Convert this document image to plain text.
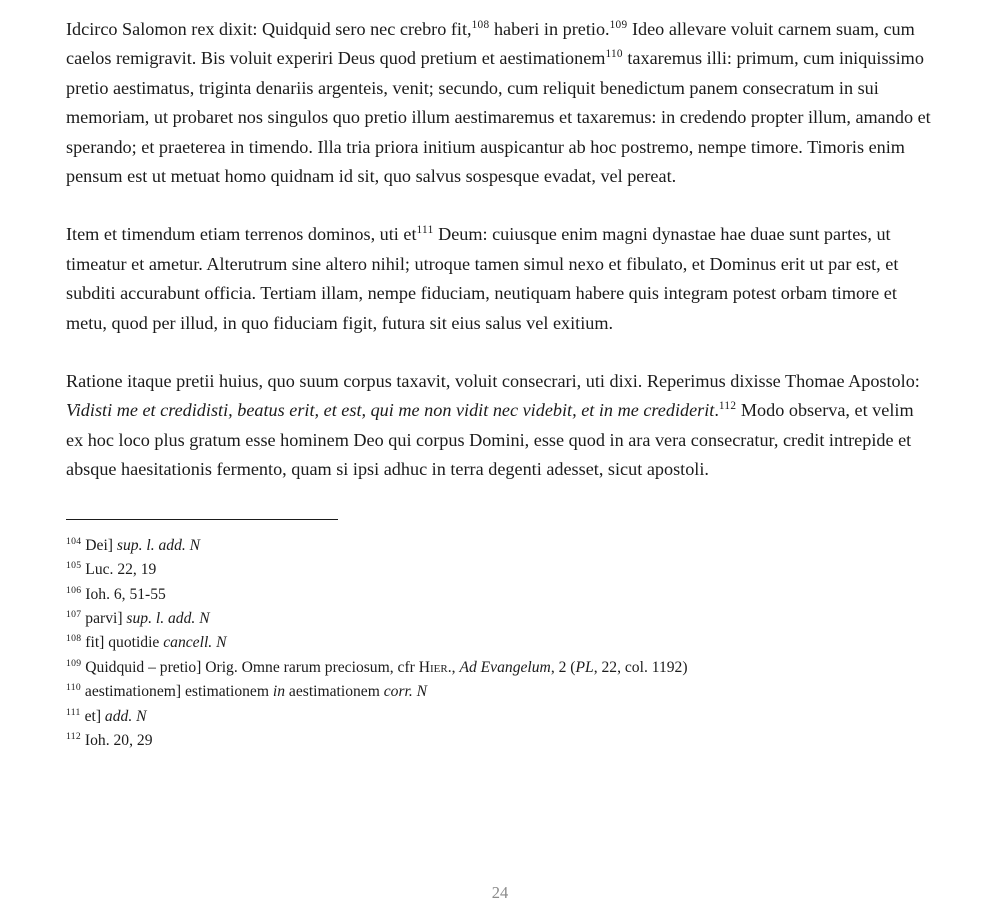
Idcirco Salomon rex dixit: Quidquid sero nec crebro fit,$^{108}$ haberi in pretio.$^{109}$ Ideo allevare voluit carnem suam, cum caelos remigravit. Bis voluit experiri Deus quod pretium et aestimationem$^{110}$ taxaremus illi: primum, cum iniquissimo pretio aestimatus, triginta denariis argenteis, venit; secundo, cum reliquit benedictum panem consecratum in sui memoriam, ut probaret nos singulos quo pretio illum aestimaremus et taxaremus: in credendo propter illum, amando et sperando; et praeterea in timendo. Illa tria priora initium auspicantur ab hoc postremo, nempe timore. Timoris enim pensum est ut metuat homo quidnam id sit, quo salvus sospesque evadat, vel pereat.

Item et timendum etiam terrenos dominos, uti $et^{111}$ Deum: cuiusque enim magni dynastae hae duae sunt partes, ut timeatur et ametur. Alterutrum sine altero nihil; utroque tamen simul nexo et fibulato, et Dominus erit ut par est, et subditi accurabunt officia. Tertiam illam, nempe fiduciam, neutiquam habere quis integram potest orbam timore et metu, quod per illud, in quo fiduciam figit, futura sit eius salus vel exitium.

Ratione itaque pretii huius, quo suum corpus taxavit, voluit consecrari, uti dixi. Reperimus dixisse Thomae Apostolo: Vidisti me et credidisti, beatus erit, et est, qui me non vidit nec videbit, et in me crediderit.$^{112}$ Modo observa, et velim ex hoc loco plus gratum esse hominem Deo qui corpus Domini, esse quod in ara vera consecratur, credit intrepide et absque haesitationis fermento, quam si ipsi adhuc in terra degenti adesset, sicut apostoli.

$^{104}$ Dei] sup. l. add. N
$^{105}$ Luc. 22, 19
$^{106}$ Ioh. 6, 51-55
$^{107}$ parvi] sup. l. add. N
$^{108}$ fit] quotidie cancell. N
$^{109}$ Quidquid – pretio] Orig. Omne rarum preciosum, cfr Hier., Ad Evangelum, 2 (PL, 22, col. 1192)
$^{110}$ aestimationem] estimationem in aestimationem corr. N
$^{111}$ et] add. N
$^{112}$ Ioh. 20, 29
24
